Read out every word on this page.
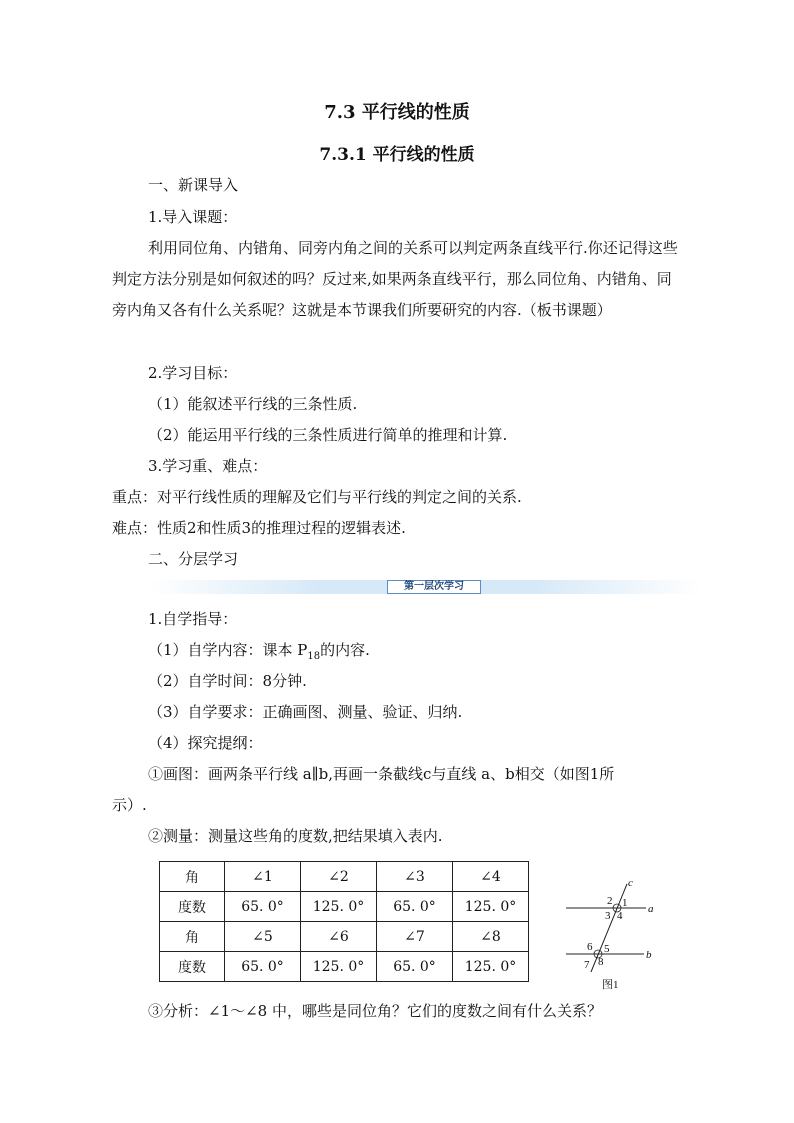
7.3 平行线的性质
7.3.1 平行线的性质
一、新课导入
1.导入课题：
利用同位角、内错角、同旁内角之间的关系可以判定两条直线平行.你还记得这些判定方法分别是如何叙述的吗？反过来,如果两条直线平行，那么同位角、内错角、同旁内角又各有什么关系呢？这就是本节课我们所要研究的内容.（板书课题）
2.学习目标：
（1）能叙述平行线的三条性质.
（2）能运用平行线的三条性质进行简单的推理和计算.
3.学习重、难点：
重点：对平行线性质的理解及它们与平行线的判定之间的关系.
难点：性质2和性质3的推理过程的逻辑表述.
二、分层学习
第一层次学习
1.自学指导：
（1）自学内容：课本 $P_{18}$的内容.
（2）自学时间：8分钟.
（3）自学要求：正确画图、测量、验证、归纳.
（4）探究提纲：
①画图：画两条平行线 a∥b,再画一条截线c与直线 a、b相交（如图1所
示）.
②测量：测量这些角的度数,把结果填入表内.
角	∠1	∠2	∠3	∠4
度数	65. 0°	125. 0°	65. 0°	125. 0°
角	∠5	∠6	∠7	∠8
度数	65. 0°	125. 0°	65. 0°	125. 0°
c
a
b
1
2
3 4
5
6
7 8
图1
③分析：∠1～∠8 中，哪些是同位角？它们的度数之间有什么关系？
